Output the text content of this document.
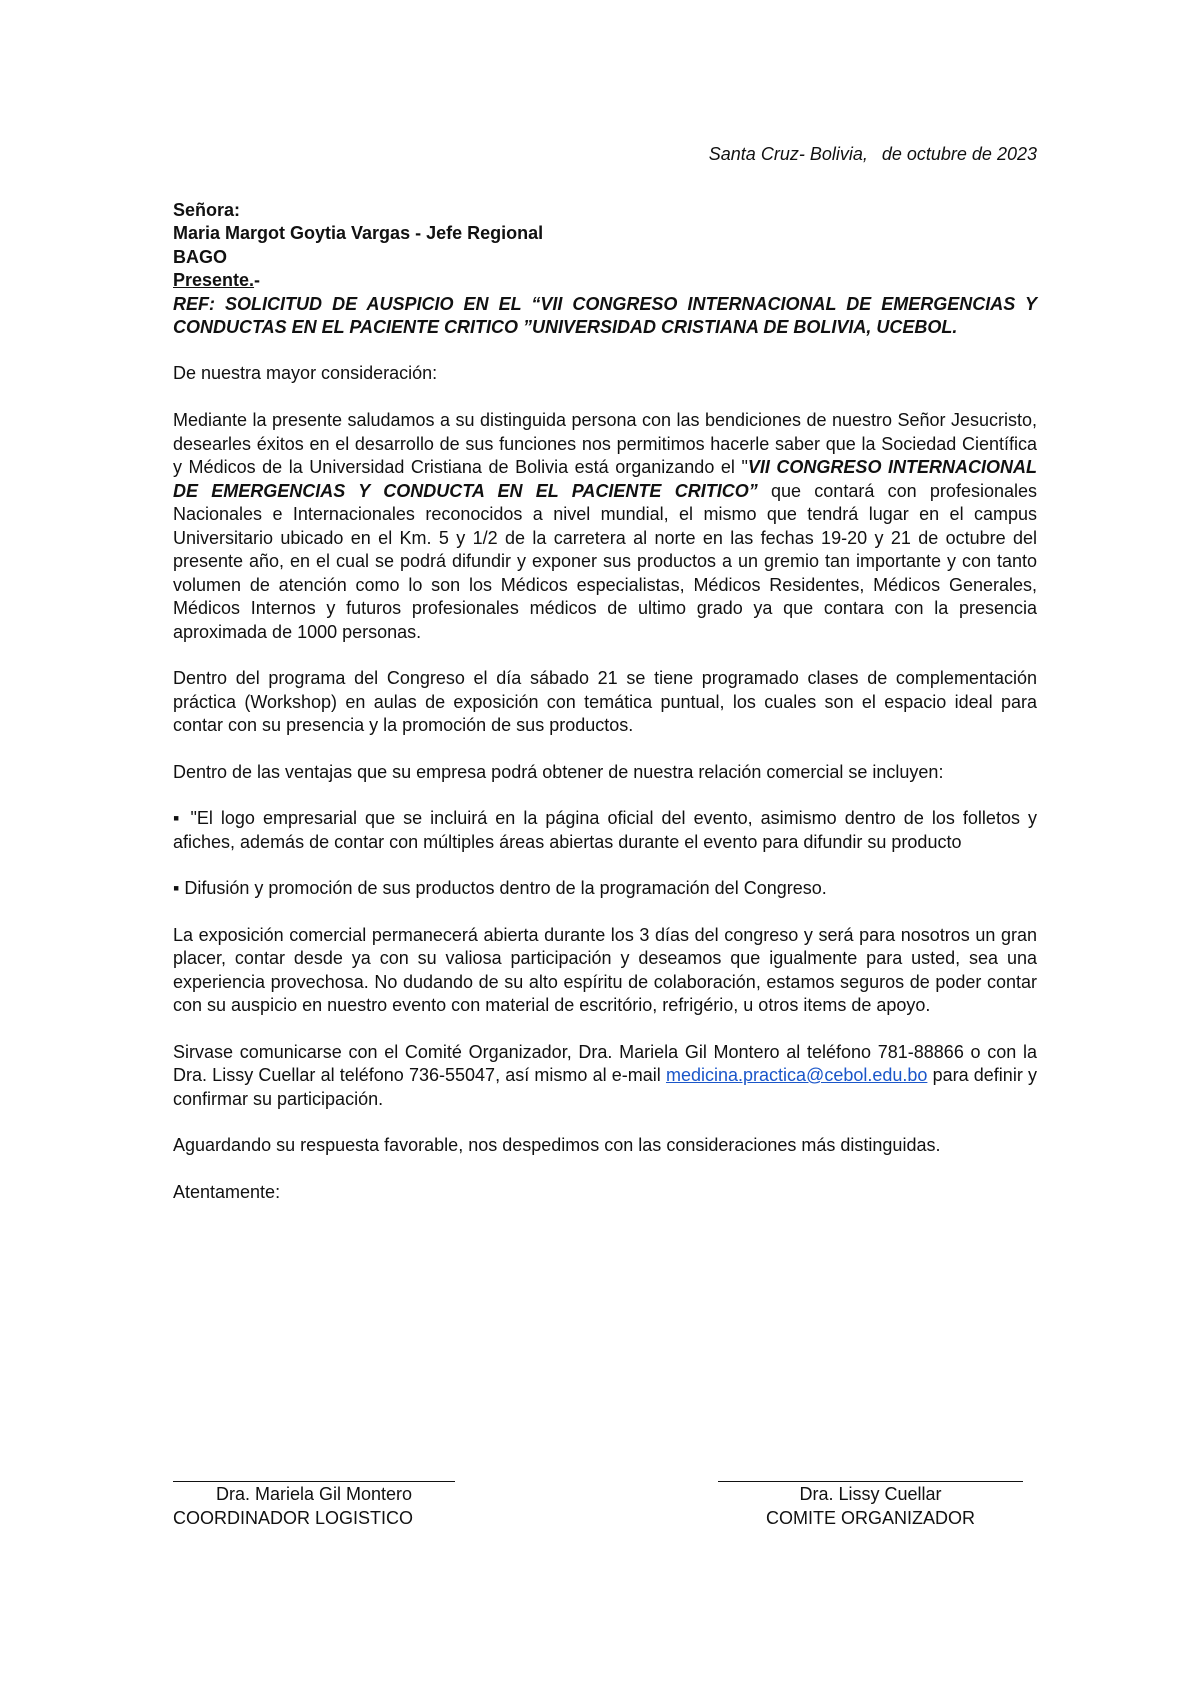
Santa Cruz- Bolivia, de octubre de 2023

Señora:
Maria Margot Goytia Vargas - Jefe Regional
BAGO
Presente.-

REF: SOLICITUD DE AUSPICIO EN EL “VII CONGRESO INTERNACIONAL DE EMERGENCIAS Y CONDUCTAS EN EL PACIENTE CRITICO ”UNIVERSIDAD CRISTIANA DE BOLIVIA, UCEBOL.

De nuestra mayor consideración:

Mediante la presente saludamos a su distinguida persona con las bendiciones de nuestro Señor Jesucristo, desearles éxitos en el desarrollo de sus funciones nos permitimos hacerle saber que la Sociedad Científica y Médicos de la Universidad Cristiana de Bolivia está organizando el "VII CONGRESO INTERNACIONAL DE EMERGENCIAS Y CONDUCTA EN EL PACIENTE CRITICO” que contará con profesionales Nacionales e Internacionales reconocidos a nivel mundial, el mismo que tendrá lugar en el campus Universitario ubicado en el Km. 5 y 1/2 de la carretera al norte en las fechas 19-20 y 21 de octubre del presente año, en el cual se podrá difundir y exponer sus productos a un gremio tan importante y con tanto volumen de atención como lo son los Médicos especialistas, Médicos Residentes, Médicos Generales, Médicos Internos y futuros profesionales médicos de ultimo grado ya que contara con la presencia aproximada de 1000 personas.

Dentro del programa del Congreso el día sábado 21 se tiene programado clases de complementación práctica (Workshop) en aulas de exposición con temática puntual, los cuales son el espacio ideal para contar con su presencia y la promoción de sus productos.

Dentro de las ventajas que su empresa podrá obtener de nuestra relación comercial se incluyen:

▪ "El logo empresarial que se incluirá en la página oficial del evento, asimismo dentro de los folletos y afiches, además de contar con múltiples áreas abiertas durante el evento para difundir su producto

▪ Difusión y promoción de sus productos dentro de la programación del Congreso.

La exposición comercial permanecerá abierta durante los 3 días del congreso y será para nosotros un gran placer, contar desde ya con su valiosa participación y deseamos que igualmente para usted, sea una experiencia provechosa. No dudando de su alto espíritu de colaboración, estamos seguros de poder contar con su auspicio en nuestro evento con material de escritório, refrigério, u otros items de apoyo.

Sirvase comunicarse con el Comité Organizador, Dra. Mariela Gil Montero al teléfono 781-88866 o con la Dra. Lissy Cuellar al teléfono 736-55047, así mismo al e-mail medicina.practica@cebol.edu.bo para definir y confirmar su participación.

Aguardando su respuesta favorable, nos despedimos con las consideraciones más distinguidas.

Atentamente:

Dra. Mariela Gil Montero
COORDINADOR LOGISTICO
Dra. Lissy Cuellar
COMITE ORGANIZADOR
